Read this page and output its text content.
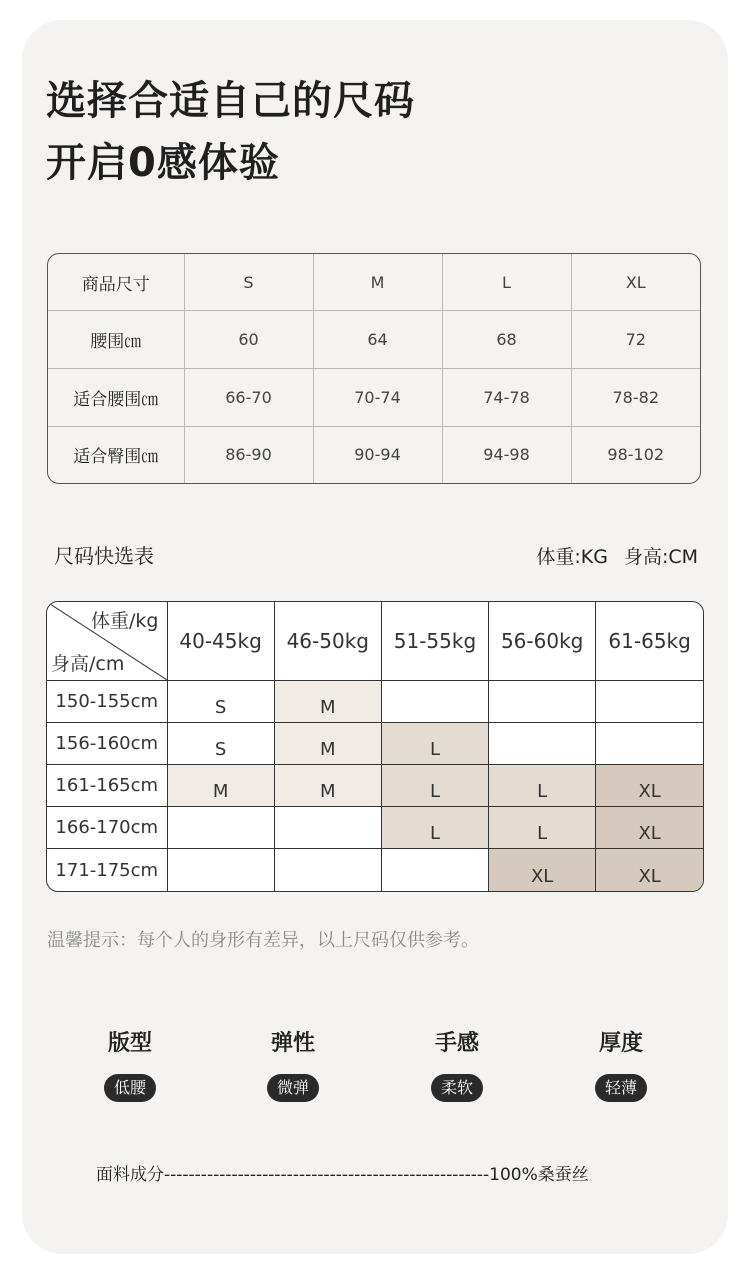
选择合适自己的尺码
开启0感体验
商品尺寸	S	M	L	XL
腰围㎝	60	64	68	72
适合腰围㎝	66-70	70-74	74-78	78-82
适合臀围㎝	86-90	90-94	94-98	98-102
尺码快选表	体重:KG 身高:CM
体重/kg
身高/cm	40-45kg	46-50kg	51-55kg	56-60kg	61-65kg
150-155cm	S	M			
156-160cm	S	M	L		
161-165cm	M	M	L	L	XL
166-170cm			L	L	XL
171-175cm				XL	XL
温馨提示：每个人的身形有差异，以上尺码仅供参考。
版型
低腰
弹性
微弹
手感
柔软
厚度
轻薄
面料成分-----------------------------------------------------100%桑蚕丝
